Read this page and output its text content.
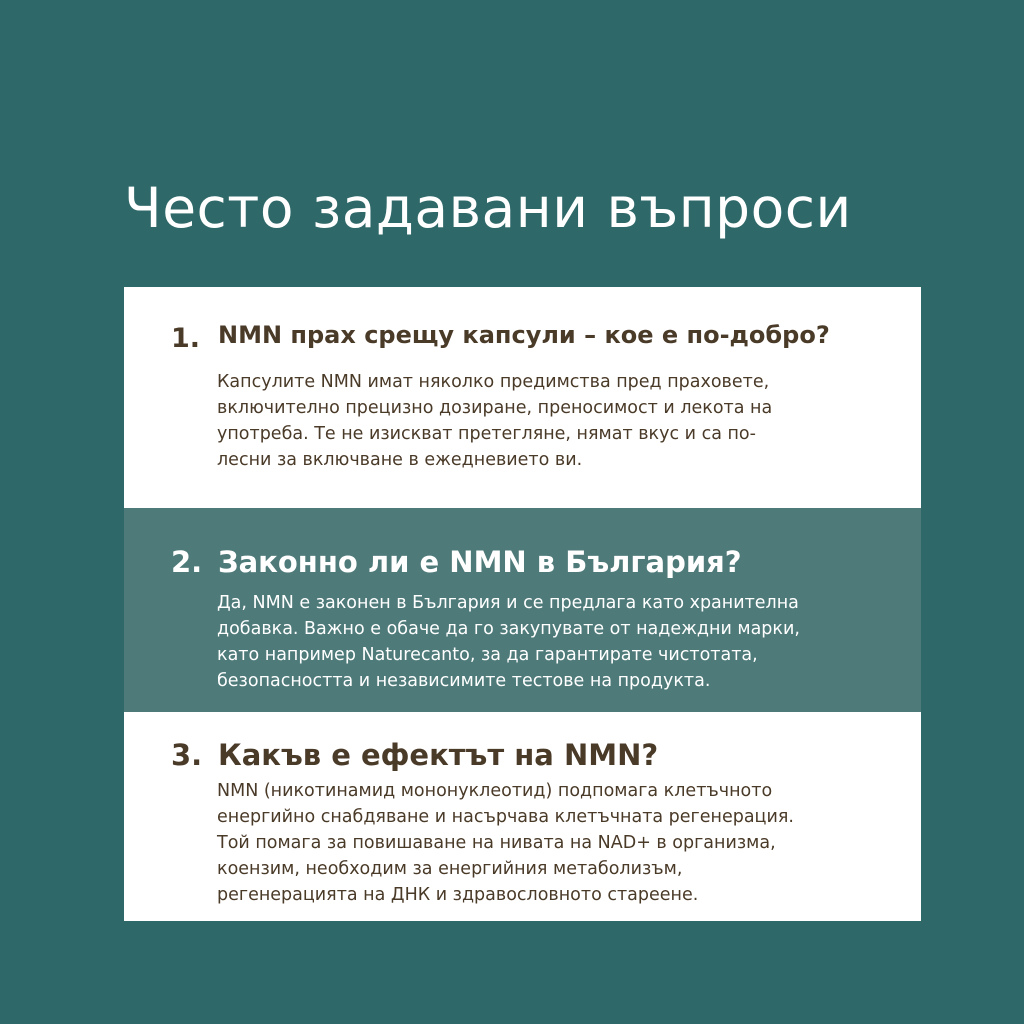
Често задавани въпроси
1. NMN прах срещу капсули – кое е по-добро?

Капсулите NMN имат няколко предимства пред праховете,
включително прецизно дозиране, преносимост и лекота на
употреба. Те не изискват претегляне, нямат вкус и са по-
лесни за включване в ежедневието ви.

2. Законно ли е NMN в България?

Да, NMN е законен в България и се предлага като хранителна
добавка. Важно е обаче да го закупувате от надеждни марки,
като например Naturecanto, за да гарантирате чистотата,
безопасността и независимите тестове на продукта.

3. Какъв е ефектът на NMN?

NMN (никотинамид мононуклеотид) подпомага клетъчното
енергийно снабдяване и насърчава клетъчната регенерация.
Той помага за повишаване на нивата на NAD+ в организма,
коензим, необходим за енергийния метаболизъм,
регенерацията на ДНК и здравословното стареене.
